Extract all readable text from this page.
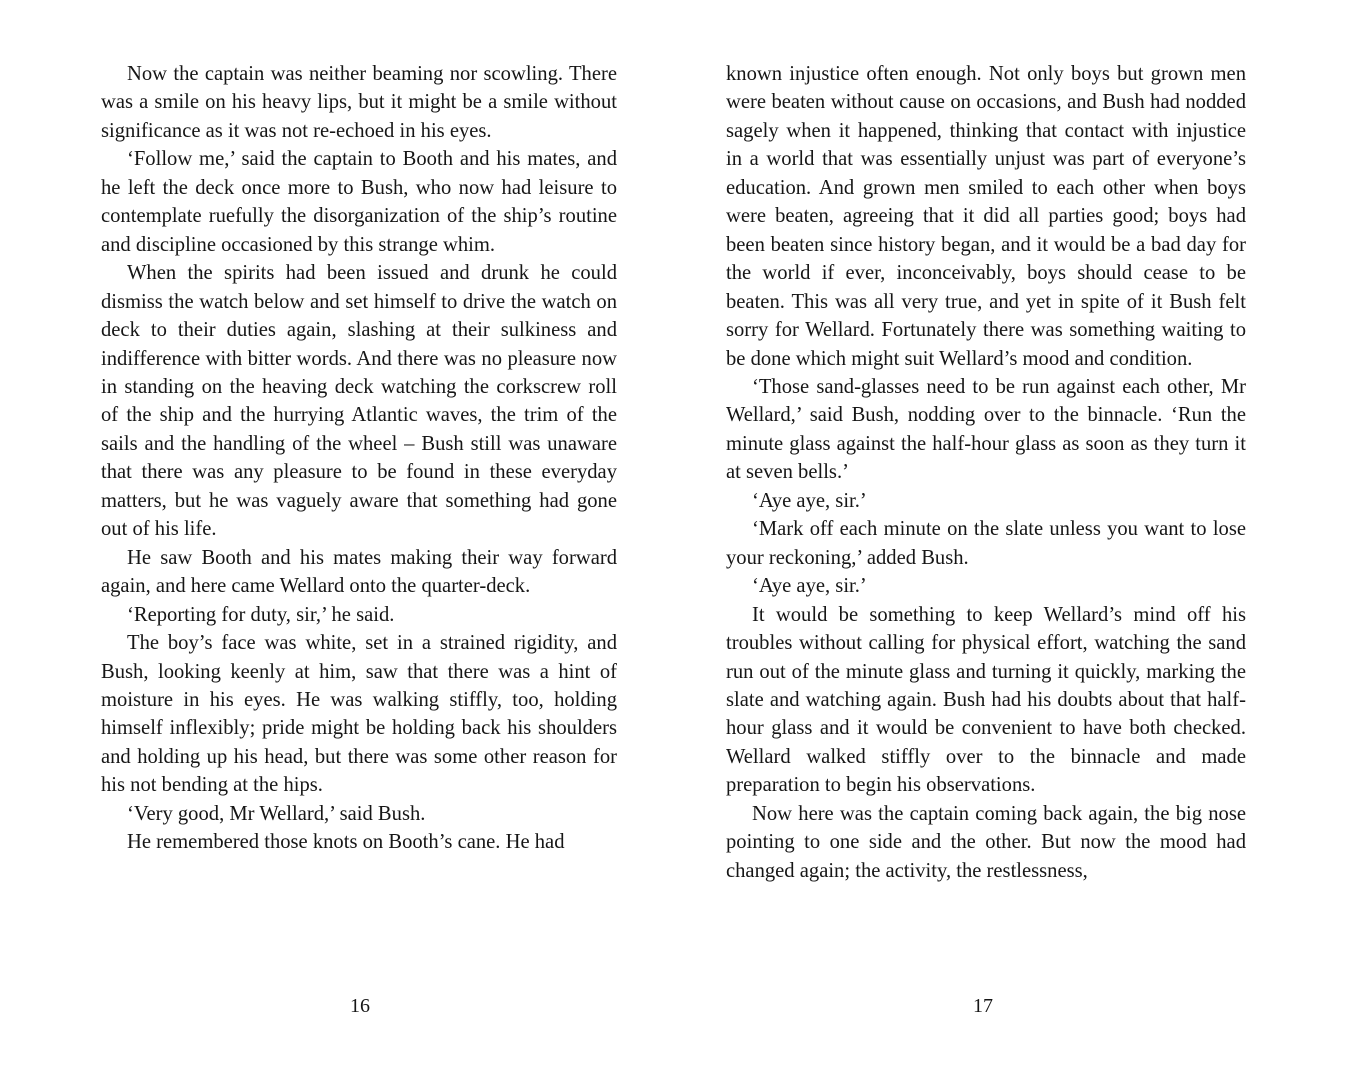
Now the captain was neither beaming nor scowling. There was a smile on his heavy lips, but it might be a smile without significance as it was not re-echoed in his eyes.

‘Follow me,’ said the captain to Booth and his mates, and he left the deck once more to Bush, who now had leisure to contemplate ruefully the disorganization of the ship’s routine and discipline occasioned by this strange whim.

When the spirits had been issued and drunk he could dismiss the watch below and set himself to drive the watch on deck to their duties again, slashing at their sulkiness and indifference with bitter words. And there was no pleasure now in standing on the heaving deck watching the corkscrew roll of the ship and the hurrying Atlantic waves, the trim of the sails and the handling of the wheel – Bush still was unaware that there was any pleasure to be found in these everyday matters, but he was vaguely aware that something had gone out of his life.

He saw Booth and his mates making their way forward again, and here came Wellard onto the quarter-deck.

‘Reporting for duty, sir,’ he said.

The boy’s face was white, set in a strained rigidity, and Bush, looking keenly at him, saw that there was a hint of moisture in his eyes. He was walking stiffly, too, holding himself inflexibly; pride might be holding back his shoulders and holding up his head, but there was some other reason for his not bending at the hips.

‘Very good, Mr Wellard,’ said Bush.

He remembered those knots on Booth’s cane. He had

16

known injustice often enough. Not only boys but grown men were beaten without cause on occasions, and Bush had nodded sagely when it happened, thinking that contact with injustice in a world that was essentially unjust was part of everyone’s education. And grown men smiled to each other when boys were beaten, agreeing that it did all parties good; boys had been beaten since history began, and it would be a bad day for the world if ever, inconceivably, boys should cease to be beaten. This was all very true, and yet in spite of it Bush felt sorry for Wellard. Fortunately there was something waiting to be done which might suit Wellard’s mood and condition.

‘Those sand-glasses need to be run against each other, Mr Wellard,’ said Bush, nodding over to the binnacle. ‘Run the minute glass against the half-hour glass as soon as they turn it at seven bells.’

‘Aye aye, sir.’

‘Mark off each minute on the slate unless you want to lose your reckoning,’ added Bush.

‘Aye aye, sir.’

It would be something to keep Wellard’s mind off his troubles without calling for physical effort, watching the sand run out of the minute glass and turning it quickly, marking the slate and watching again. Bush had his doubts about that half-hour glass and it would be convenient to have both checked. Wellard walked stiffly over to the binnacle and made preparation to begin his observations.

Now here was the captain coming back again, the big nose pointing to one side and the other. But now the mood had changed again; the activity, the restlessness,

17
